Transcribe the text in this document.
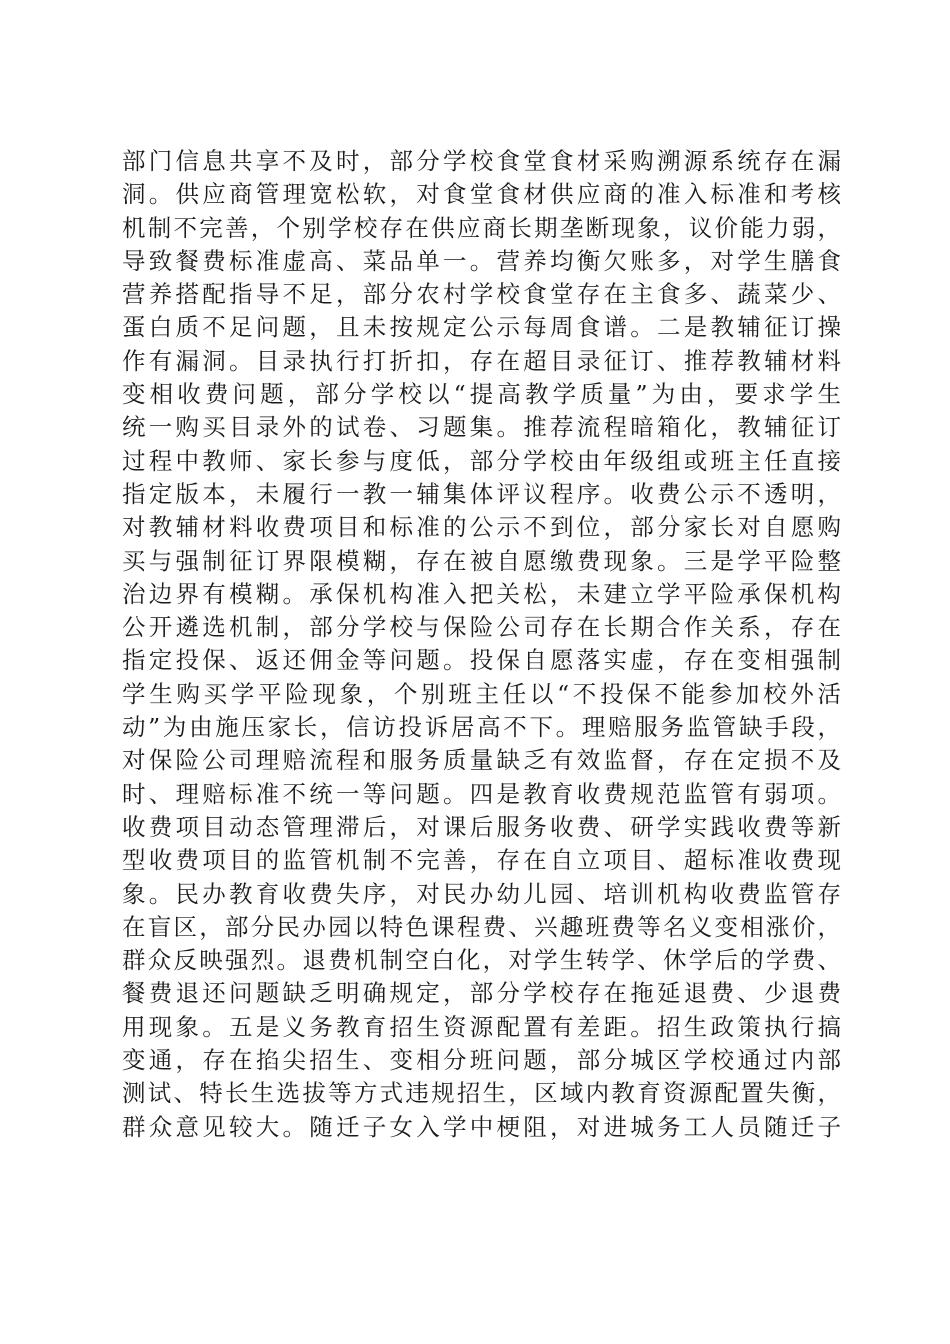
部门信息共享不及时，部分学校食堂食材采购溯源系统存在漏
洞。供应商管理宽松软，对食堂食材供应商的准入标准和考核
机制不完善，个别学校存在供应商长期垄断现象，议价能力弱，
导致餐费标准虚高、菜品单一。营养均衡欠账多，对学生膳食
营养搭配指导不足，部分农村学校食堂存在主食多、蔬菜少、
蛋白质不足问题，且未按规定公示每周食谱。二是教辅征订操
作有漏洞。目录执行打折扣，存在超目录征订、推荐教辅材料
变相收费问题，部分学校以“提高教学质量”为由，要求学生
统一购买目录外的试卷、习题集。推荐流程暗箱化，教辅征订
过程中教师、家长参与度低，部分学校由年级组或班主任直接
指定版本，未履行一教一辅集体评议程序。收费公示不透明，
对教辅材料收费项目和标准的公示不到位，部分家长对自愿购
买与强制征订界限模糊，存在被自愿缴费现象。三是学平险整
治边界有模糊。承保机构准入把关松，未建立学平险承保机构
公开遴选机制，部分学校与保险公司存在长期合作关系，存在
指定投保、返还佣金等问题。投保自愿落实虚，存在变相强制
学生购买学平险现象，个别班主任以“不投保不能参加校外活
动”为由施压家长，信访投诉居高不下。理赔服务监管缺手段，
对保险公司理赔流程和服务质量缺乏有效监督，存在定损不及
时、理赔标准不统一等问题。四是教育收费规范监管有弱项。
收费项目动态管理滞后，对课后服务收费、研学实践收费等新
型收费项目的监管机制不完善，存在自立项目、超标准收费现
象。民办教育收费失序，对民办幼儿园、培训机构收费监管存
在盲区，部分民办园以特色课程费、兴趣班费等名义变相涨价，
群众反映强烈。退费机制空白化，对学生转学、休学后的学费、
餐费退还问题缺乏明确规定，部分学校存在拖延退费、少退费
用现象。五是义务教育招生资源配置有差距。招生政策执行搞
变通，存在掐尖招生、变相分班问题，部分城区学校通过内部
测试、特长生选拔等方式违规招生，区域内教育资源配置失衡，
群众意见较大。随迁子女入学中梗阻，对进城务工人员随迁子
